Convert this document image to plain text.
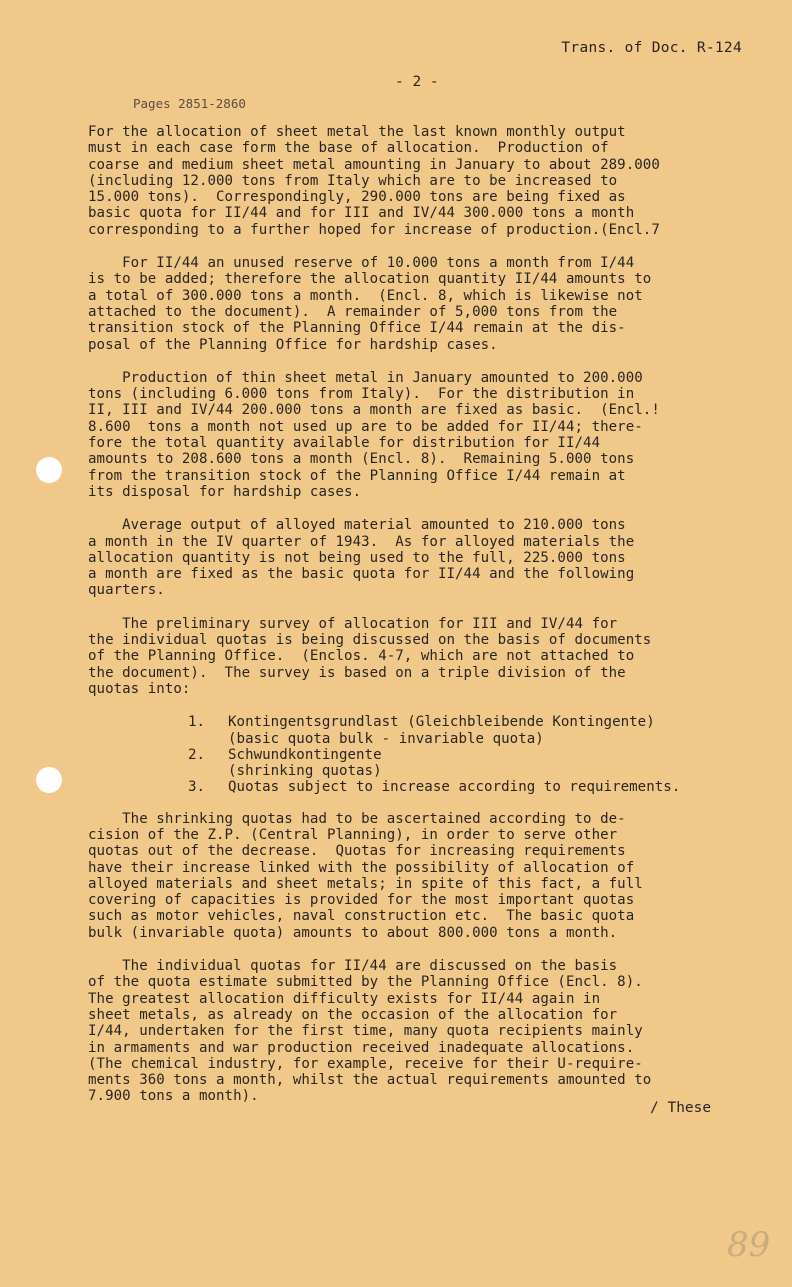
Trans. of Doc. R-124
- 2 -
Pages 2851-2860

For the allocation of sheet metal the last known monthly output

must in each case form the base of allocation.  Production of

coarse and medium sheet metal amounting in January to about 289.000

(including 12.000 tons from Italy which are to be increased to

15.000 tons).  Correspondingly, 290.000 tons are being fixed as

basic quota for II/44 and for III and IV/44 300.000 tons a month

corresponding to a further hoped for increase of production.(Encl.7

For II/44 an unused reserve of 10.000 tons a month from I/44

is to be added; therefore the allocation quantity II/44 amounts to

a total of 300.000 tons a month.  (Encl. 8, which is likewise not

attached to the document).  A remainder of 5,000 tons from the

transition stock of the Planning Office I/44 remain at the dis-

posal of the Planning Office for hardship cases.

Production of thin sheet metal in January amounted to 200.000

tons (including 6.000 tons from Italy).  For the distribution in

II, III and IV/44 200.000 tons a month are fixed as basic.  (Encl.!

8.600  tons a month not used up are to be added for II/44; there-

fore the total quantity available for distribution for II/44

amounts to 208.600 tons a month (Encl. 8).  Remaining 5.000 tons

from the transition stock of the Planning Office I/44 remain at

its disposal for hardship cases.

Average output of alloyed material amounted to 210.000 tons

a month in the IV quarter of 1943.  As for alloyed materials the

allocation quantity is not being used to the full, 225.000 tons

a month are fixed as the basic quota for II/44 and the following

quarters.

The preliminary survey of allocation for III and IV/44 for

the individual quotas is being discussed on the basis of documents

of the Planning Office.  (Enclos. 4-7, which are not attached to

the document).  The survey is based on a triple division of the

quotas into:

1.	Kontingentsgrundlast (Gleichbleibende Kontingente)

(basic quota bulk - invariable quota)

2.	Schwundkontingente

(shrinking quotas)

3.	Quotas subject to increase according to requirements.

The shrinking quotas had to be ascertained according to de-

cision of the Z.P. (Central Planning), in order to serve other

quotas out of the decrease.  Quotas for increasing requirements

have their increase linked with the possibility of allocation of

alloyed materials and sheet metals; in spite of this fact, a full

covering of capacities is provided for the most important quotas

such as motor vehicles, naval construction etc.  The basic quota

bulk (invariable quota) amounts to about 800.000 tons a month.

The individual quotas for II/44 are discussed on the basis

of the quota estimate submitted by the Planning Office (Encl. 8).

The greatest allocation difficulty exists for II/44 again in

sheet metals, as already on the occasion of the allocation for

I/44, undertaken for the first time, many quota recipients mainly

in armaments and war production received inadequate allocations.

(The chemical industry, for example, receive for their U-require-

ments 360 tons a month, whilst the actual requirements amounted to

7.900 tons a month).

/ These
89
